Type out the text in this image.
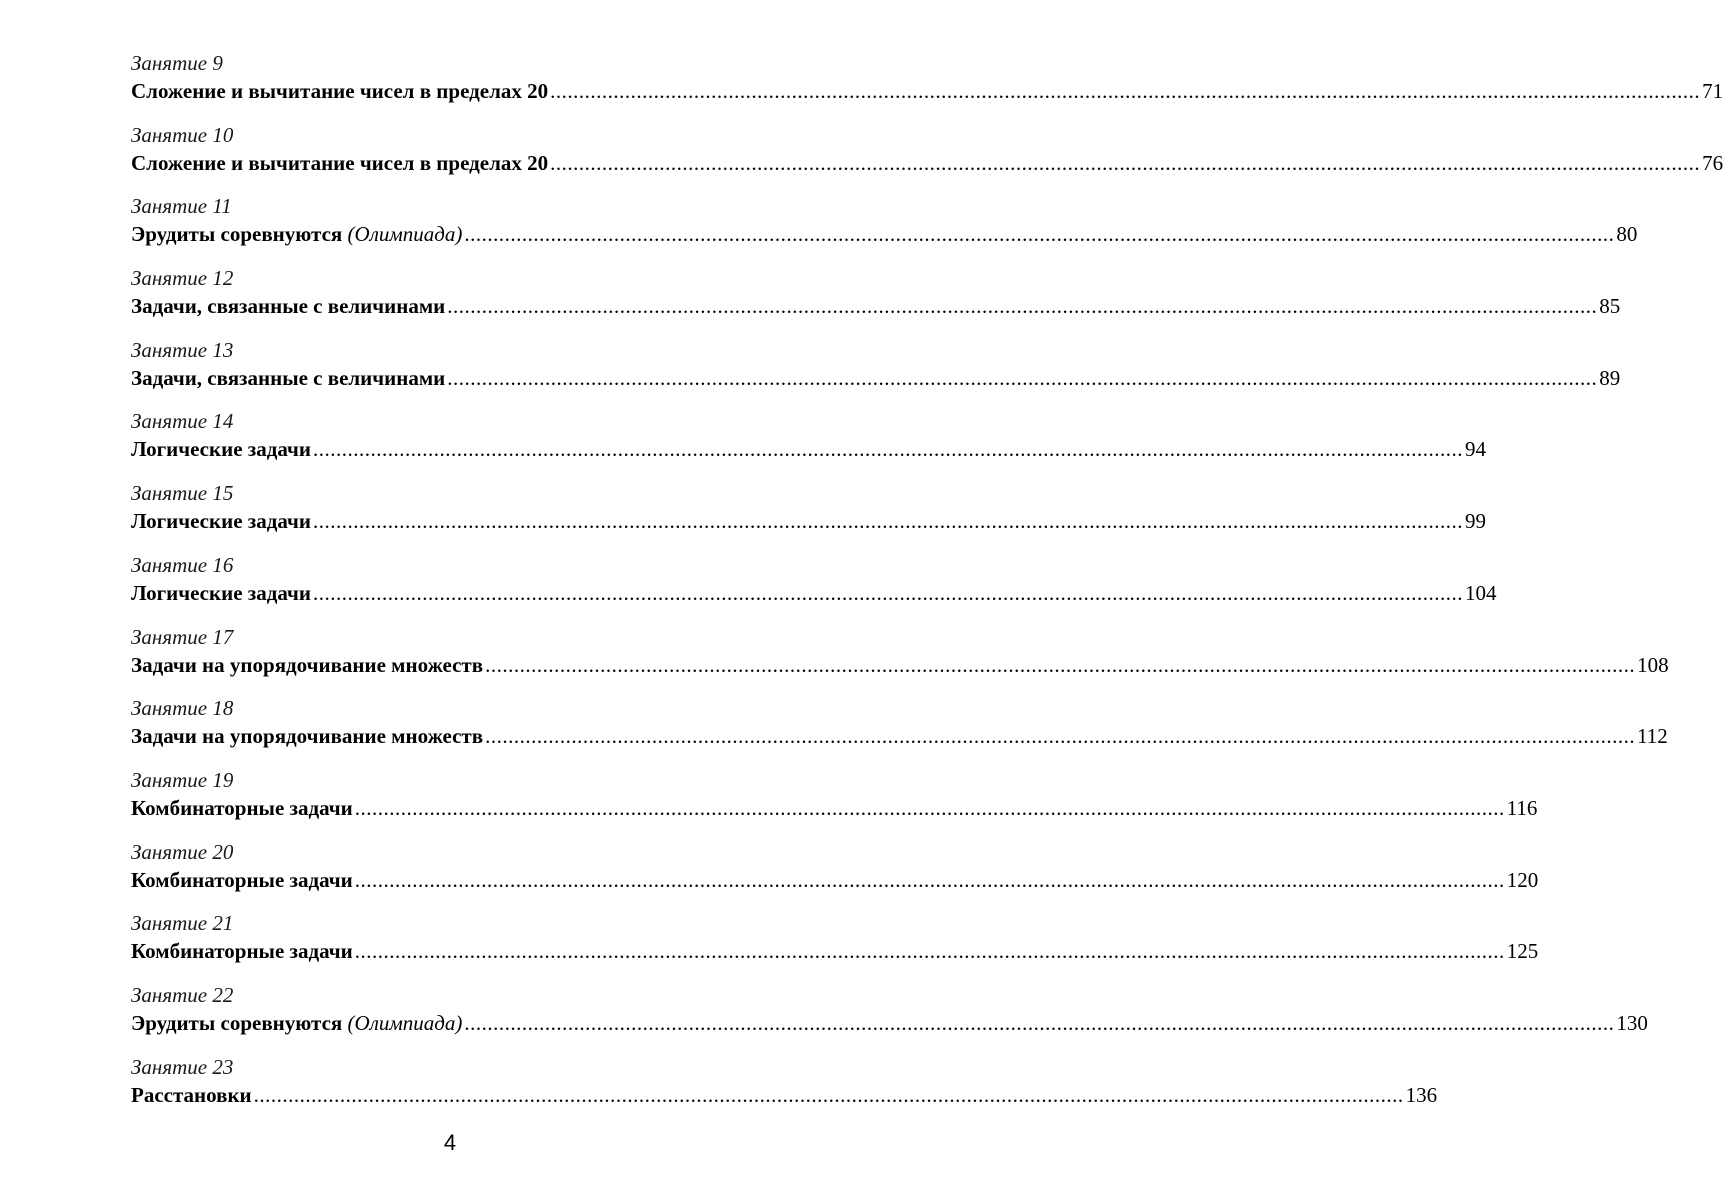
Занятие 9
Сложение и вычитание чисел в пределах 20 ........................................................................................................................................................................................................ 71
Занятие 10
Сложение и вычитание чисел в пределах 20 ........................................................................................................................................................................................................ 76
Занятие 11
Эрудиты соревнуются (Олимпиада) ........................................................................................................................................................................................................ 80
Занятие 12
Задачи, связанные с величинами ........................................................................................................................................................................................................ 85
Занятие 13
Задачи, связанные с величинами ........................................................................................................................................................................................................ 89
Занятие 14
Логические задачи ........................................................................................................................................................................................................ 94
Занятие 15
Логические задачи ........................................................................................................................................................................................................ 99
Занятие 16
Логические задачи ........................................................................................................................................................................................................ 104
Занятие 17
Задачи на упорядочивание множеств ........................................................................................................................................................................................................ 108
Занятие 18
Задачи на упорядочивание множеств ........................................................................................................................................................................................................ 112
Занятие 19
Комбинаторные задачи ........................................................................................................................................................................................................ 116
Занятие 20
Комбинаторные задачи ........................................................................................................................................................................................................ 120
Занятие 21
Комбинаторные задачи ........................................................................................................................................................................................................ 125
Занятие 22
Эрудиты соревнуются (Олимпиада) ........................................................................................................................................................................................................ 130
Занятие 23
Расстановки ........................................................................................................................................................................................................ 136
4
